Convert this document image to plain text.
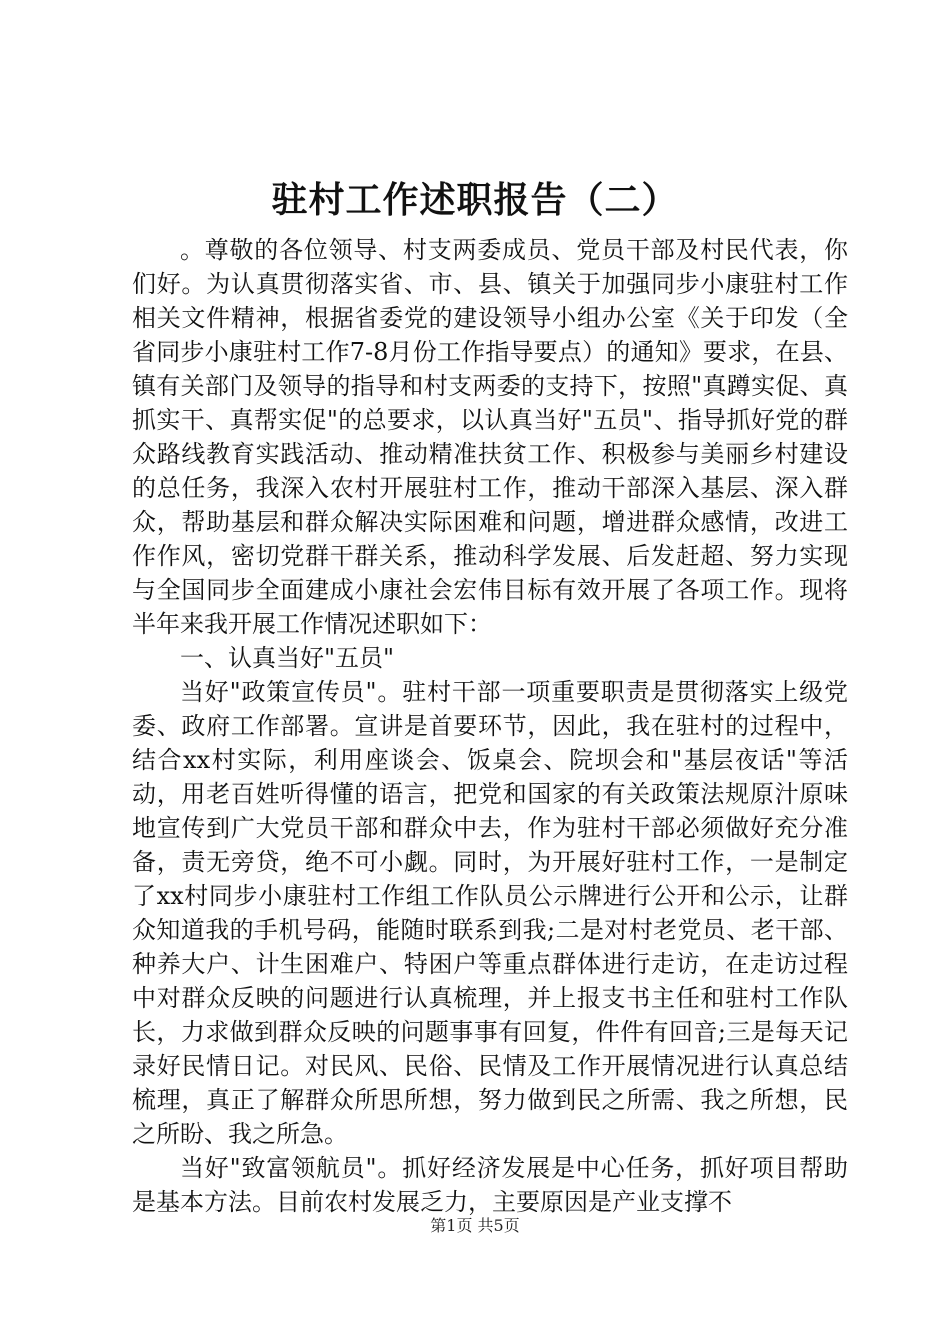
驻村工作述职报告（二）

。尊敬的各位领导、村支两委成员、党员干部及村民代表，你们好。为认真贯彻落实省、市、县、镇关于加强同步小康驻村工作相关文件精神，根据省委党的建设领导小组办公室《关于印发（全省同步小康驻村工作7-8月份工作指导要点）的通知》要求，在县、镇有关部门及领导的指导和村支两委的支持下，按照"真蹲实促、真抓实干、真帮实促"的总要求，以认真当好"五员"、指导抓好党的群众路线教育实践活动、推动精准扶贫工作、积极参与美丽乡村建设的总任务，我深入农村开展驻村工作，推动干部深入基层、深入群众，帮助基层和群众解决实际困难和问题，增进群众感情，改进工作作风，密切党群干群关系，推动科学发展、后发赶超、努力实现与全国同步全面建成小康社会宏伟目标有效开展了各项工作。现将半年来我开展工作情况述职如下：

一、认真当好"五员"

当好"政策宣传员"。驻村干部一项重要职责是贯彻落实上级党委、政府工作部署。宣讲是首要环节，因此，我在驻村的过程中，结合xx村实际，利用座谈会、饭桌会、院坝会和"基层夜话"等活动，用老百姓听得懂的语言，把党和国家的有关政策法规原汁原味地宣传到广大党员干部和群众中去，作为驻村干部必须做好充分准备，责无旁贷，绝不可小觑。同时，为开展好驻村工作，一是制定了xx村同步小康驻村工作组工作队员公示牌进行公开和公示，让群众知道我的手机号码，能随时联系到我;二是对村老党员、老干部、种养大户、计生困难户、特困户等重点群体进行走访，在走访过程中对群众反映的问题进行认真梳理，并上报支书主任和驻村工作队长，力求做到群众反映的问题事事有回复，件件有回音;三是每天记录好民情日记。对民风、民俗、民情及工作开展情况进行认真总结梳理，真正了解群众所思所想，努力做到民之所需、我之所想，民之所盼、我之所急。

当好"致富领航员"。抓好经济发展是中心任务，抓好项目帮助是基本方法。目前农村发展乏力，主要原因是产业支撑不

第1页 共5页
